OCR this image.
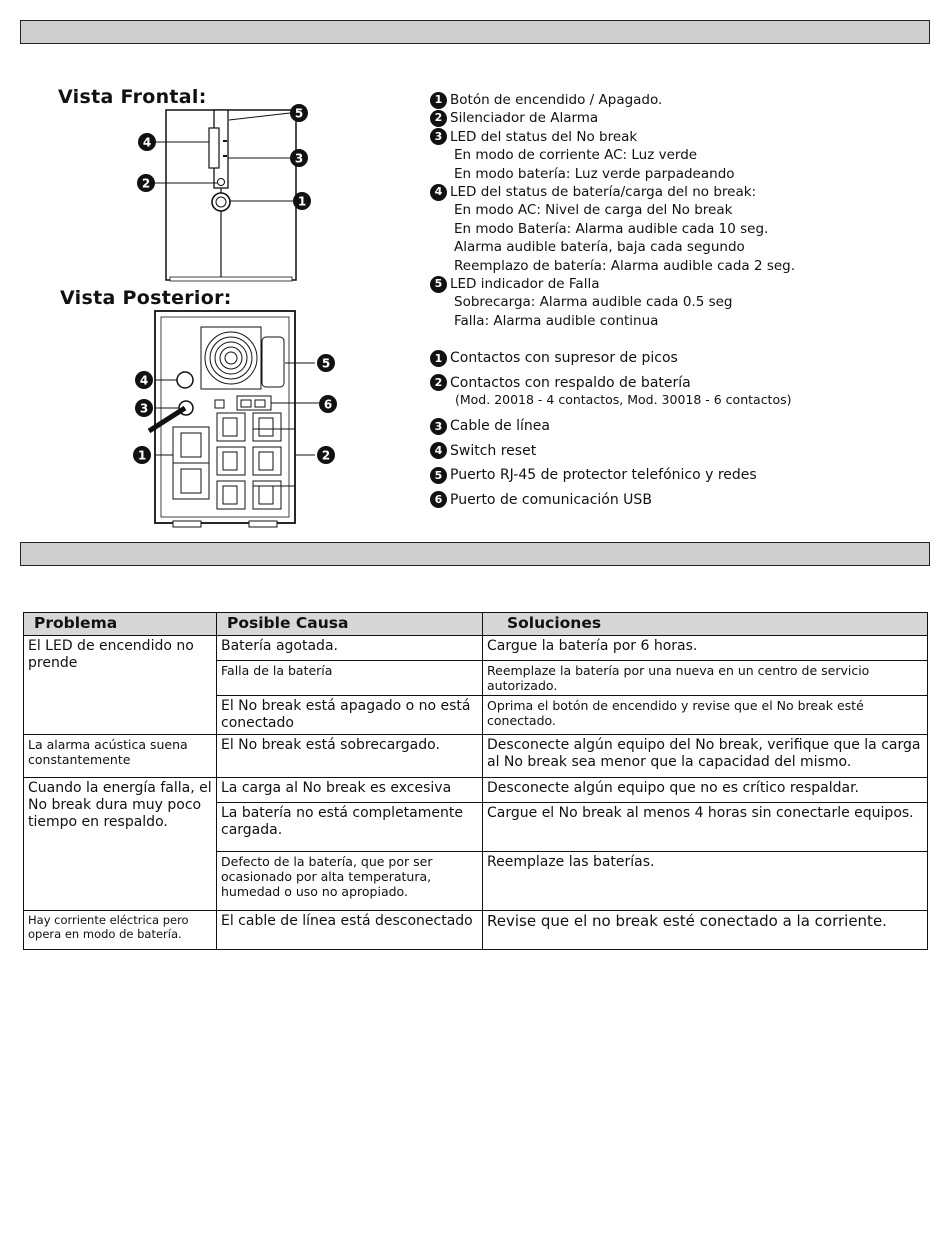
Vista Frontal:
Vista Posterior:
5
4
3
2
1
5
4
3	6
1	2
1 Botón de encendido / Apagado.
2 Silenciador de Alarma
3 LED del status del No break
En modo de corriente AC: Luz verde
En modo batería: Luz verde parpadeando
4 LED del status de batería/carga del no break:
En modo AC: Nivel de carga del No break
En modo Batería: Alarma audible cada 10 seg.
Alarma audible batería, baja cada segundo
Reemplazo de batería: Alarma audible cada 2 seg.
5 LED indicador de Falla
Sobrecarga: Alarma audible cada 0.5 seg
Falla: Alarma audible continua
1 Contactos con supresor de picos
2 Contactos con respaldo de batería
(Mod. 20018 - 4 contactos, Mod. 30018 - 6 contactos)
3 Cable de línea
4 Switch reset
5 Puerto RJ-45 de protector telefónico y redes
6 Puerto de comunicación USB
Problema	Posible Causa	Soluciones
El LED de encendido no prende	Batería agotada.	Cargue la batería por 6 horas.
	Falla de la batería	Reemplaze la batería por una nueva en un centro de servicio autorizado.
	El No break está apagado o no está conectado	Oprima el botón de encendido y revise que el No break esté conectado.
La alarma acústica suena constantemente	El No break está sobrecargado.	Desconecte algún equipo del No break, verifique que la carga al No break sea menor que la capacidad del mismo.
Cuando la energía falla, el No break dura muy poco tiempo en respaldo.	La carga al No break es excesiva	Desconecte algún equipo que no es crítico respaldar.
	La batería no está completamente cargada.	Cargue el No break al menos 4 horas sin conectarle equipos.
	Defecto de la batería, que por ser ocasionado por alta temperatura, humedad o uso no apropiado.	Reemplaze las baterías.
Hay corriente eléctrica pero opera en modo de batería.	El cable de línea está desconectado	Revise que el no break esté conectado a la corriente.
